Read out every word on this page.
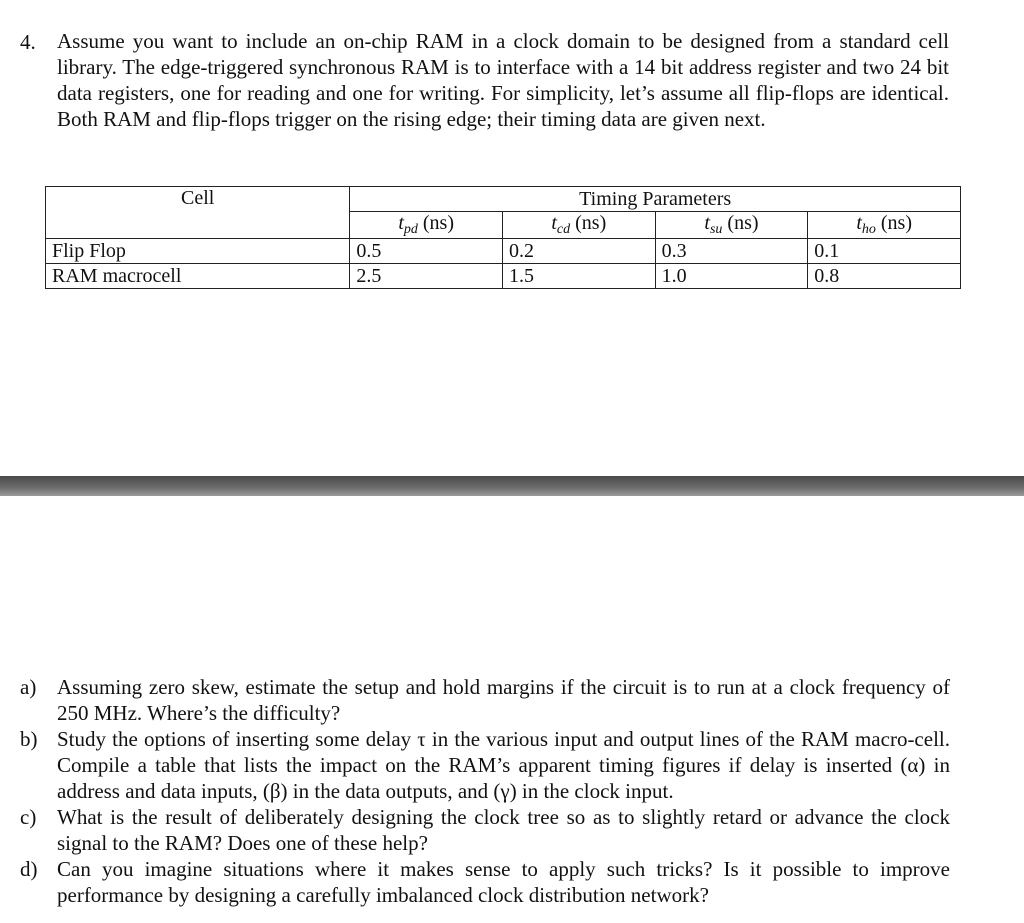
4. Assume you want to include an on-chip RAM in a clock domain to be designed from a standard cell library. The edge-triggered synchronous RAM is to interface with a 14 bit address register and two 24 bit data registers, one for reading and one for writing. For simplicity, let’s assume all flip-flops are identical. Both RAM and flip-flops trigger on the rising edge; their timing data are given next.
Cell	Timing Parameters			
	$t_{pd}$ (ns)	$t_{cd}$ (ns)	$t_{su}$ (ns)	$t_{ho}$ (ns)
Flip Flop	0.5	0.2	0.3	0.1
RAM macrocell	2.5	1.5	1.0	0.8
a) Assuming zero skew, estimate the setup and hold margins if the circuit is to run at a clock frequency of 250 MHz. Where’s the difficulty?
b) Study the options of inserting some delay τ in the various input and output lines of the RAM macro-cell. Compile a table that lists the impact on the RAM’s apparent timing figures if delay is inserted (α) in address and data inputs, (β) in the data outputs, and (γ) in the clock input.
c) What is the result of deliberately designing the clock tree so as to slightly retard or advance the clock signal to the RAM? Does one of these help?
d) Can you imagine situations where it makes sense to apply such tricks? Is it possible to improve performance by designing a carefully imbalanced clock distribution network?
